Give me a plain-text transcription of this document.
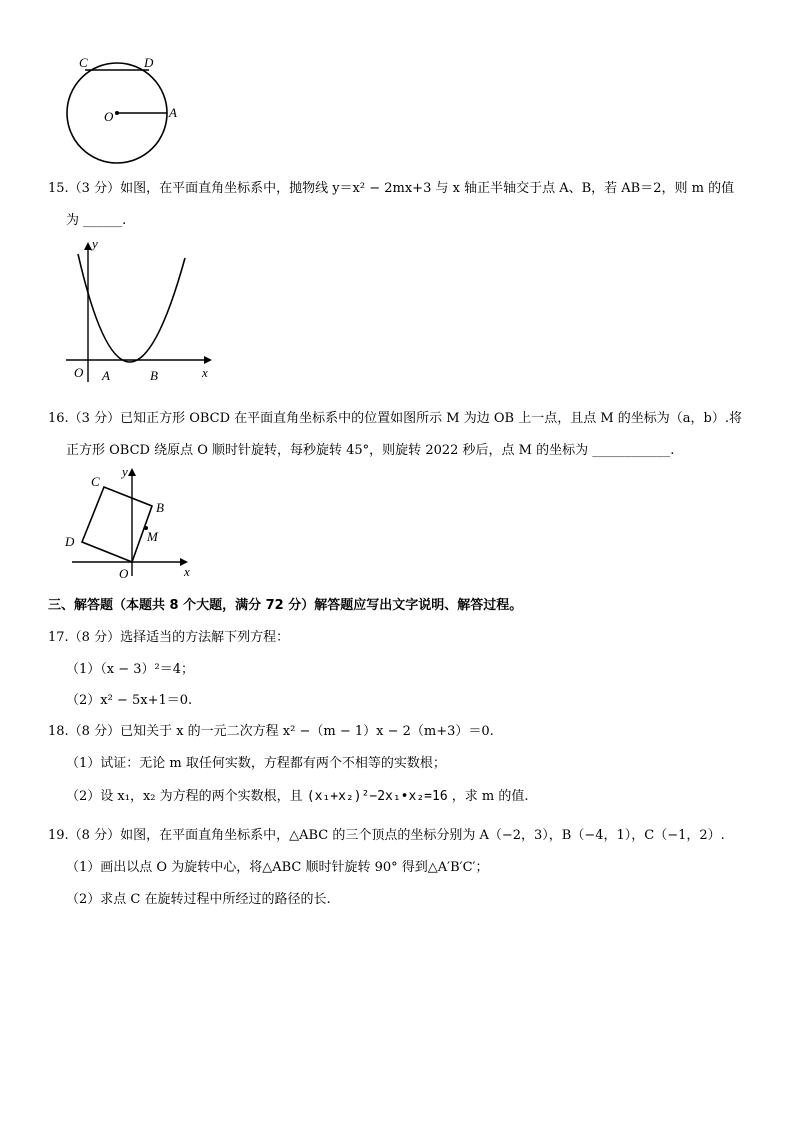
C	D
O	A
15.（3 分）如图，在平面直角坐标系中，抛物线 y＝x² − 2mx+3 与 x 轴正半轴交于点 A、B，若 AB＝2，则 m 的值
为 ______.
y
x
O A	B
16.（3 分）已知正方形 OBCD 在平面直角坐标系中的位置如图所示 M 为边 OB 上一点，且点 M 的坐标为（a，b）.将
正方形 OBCD 绕原点 O 顺时针旋转，每秒旋转 45°，则旋转 2022 秒后，点 M 的坐标为 ____________.
C
y
B
M
D
O	x
三、解答题（本题共 8 个大题，满分 72 分）解答题应写出文字说明、解答过程。
17.（8 分）选择适当的方法解下列方程：
（1）（x − 3）²＝4；
（2）x² − 5x+1＝0.
18.（8 分）已知关于 x 的一元二次方程 x² −（m − 1）x − 2（m+3）＝0.
（1）试证：无论 m 取任何实数，方程都有两个不相等的实数根；
（2）设 x₁，x₂ 为方程的两个实数根，且 (x₁+x₂)²−2x₁•x₂=16 ，求 m 的值.
19.（8 分）如图，在平面直角坐标系中，△ABC 的三个顶点的坐标分别为 A（−2，3），B（−4，1），C（−1，2）.
（1）画出以点 O 为旋转中心，将△ABC 顺时针旋转 90° 得到△A′B′C′；
（2）求点 C 在旋转过程中所经过的路径的长.
